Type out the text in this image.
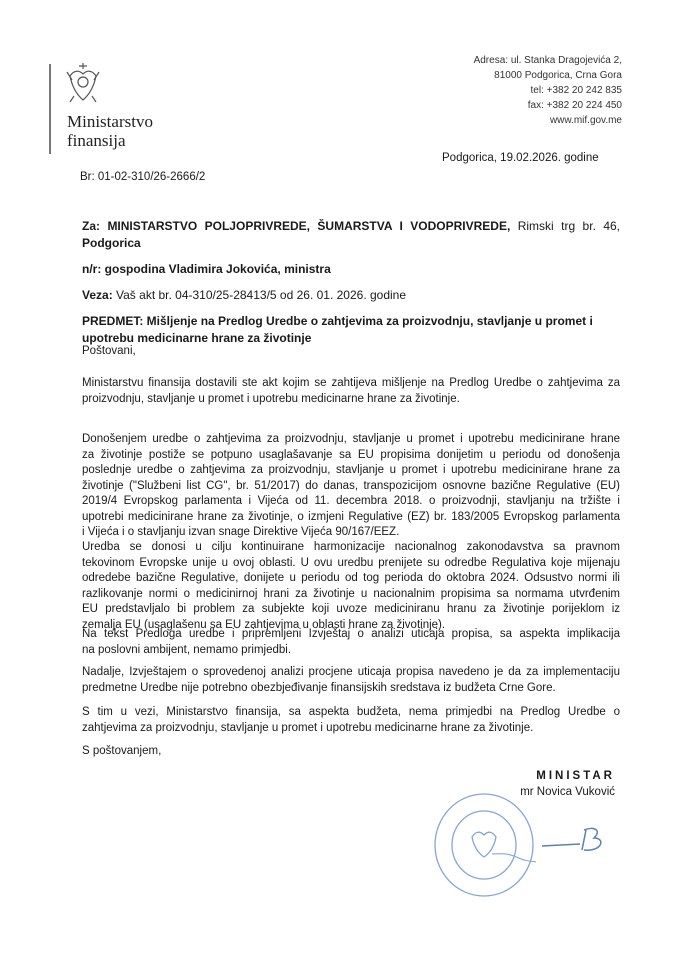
Ministarstvo
finansija
Adresa: ul. Stanka Dragojevića 2,
81000 Podgorica, Crna Gora
tel: +382 20 242 835
fax: +382 20 224 450
www.mif.gov.me
Podgorica, 19.02.2026. godine
Br: 01-02-310/26-2666/2
Za: MINISTARSTVO POLJOPRIVREDE, ŠUMARSTVA I VODOPRIVREDE, Rimski trg br. 46,
Podgorica
n/r: gospodina Vladimira Jokovića, ministra
Veza: Vaš akt br. 04-310/25-28413/5 od 26. 01. 2026. godine
PREDMET: Mišljenje na Predlog Uredbe o zahtjevima za proizvodnju, stavljanje u promet i
upotrebu medicinarne hrane za životinje
Poštovani,
Ministarstvu finansija dostavili ste akt kojim se zahtijeva mišljenje na Predlog Uredbe o zahtjevima za
proizvodnju, stavljanje u promet i upotrebu medicinarne hrane za životinje.
Donošenjem uredbe o zahtjevima za proizvodnju, stavljanje u promet i upotrebu medicinirane hrane
za životinje postiže se potpuno usaglašavanje sa EU propisima donijetim u periodu od donošenja
poslednje uredbe o zahtjevima za proizvodnju, stavljanje u promet i upotrebu medicinirane hrane za
životinje ("Službeni list CG", br. 51/2017) do danas, transpozicijom osnovne bazične Regulative (EU)
2019/4 Evropskog parlamenta i Vijeća od 11. decembra 2018. o proizvodnji, stavljanju na tržište i
upotrebi medicinirane hrane za životinje, o izmjeni Regulative (EZ) br. 183/2005 Evropskog parlamenta
i Vijeća i o stavljanju izvan snage Direktive Vijeća 90/167/EEZ.
Uredba se donosi u cilju kontinuirane harmonizacije nacionalnog zakonodavstva sa pravnom
tekovinom Evropske unije u ovoj oblasti. U ovu uredbu prenijete su odredbe Regulativa koje mijenaju
odredebe bazične Regulative, donijete u periodu od tog perioda do oktobra 2024. Odsustvo normi ili
razlikovanje normi o medicinirnoj hrani za životinje u nacionalnim propisima sa normama utvrđenim
EU predstavljalo bi problem za subjekte koji uvoze mediciniranu hranu za životinje porijeklom iz
zemalja EU (usaglašenu sa EU zahtjevima u oblasti hrane za životinje).
Na tekst Predloga uredbe i pripremljeni Izvještaj o analizi uticaja propisa, sa aspekta implikacija
na poslovni ambijent, nemamo primjedbi.
Nadalje, Izvještajem o sprovedenoj analizi procjene uticaja propisa navedeno je da za implementaciju
predmetne Uredbe nije potrebno obezbjeđivanje finansijskih sredstava iz budžeta Crne Gore.
S tim u vezi, Ministarstvo finansija, sa aspekta budžeta, nema primjedbi na Predlog Uredbe o
zahtjevima za proizvodnju, stavljanje u promet i upotrebu medicinarne hrane za životinje.
S poštovanjem,
MINISTAR
mr Novica Vuković
